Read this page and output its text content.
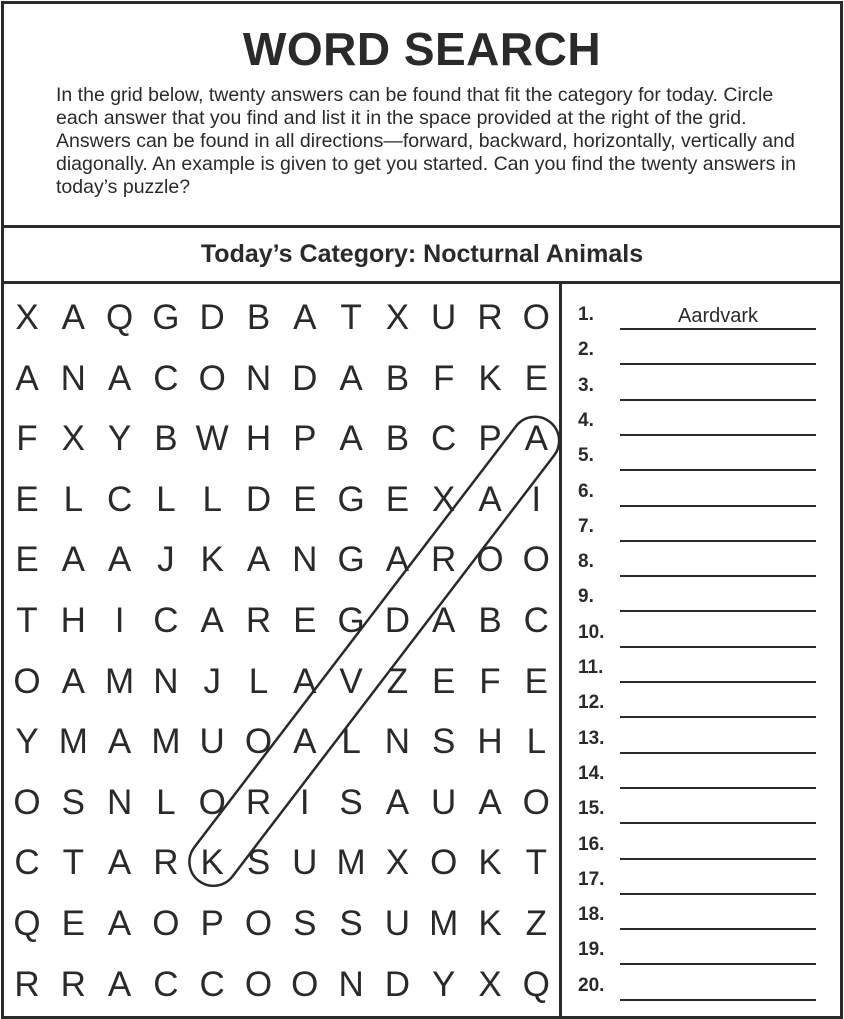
WORD SEARCH
In the grid below, twenty answers can be found that fit the category for today. Circle each answer that you find and list it in the space provided at the right of the grid. Answers can be found in all directions—forward, backward, horizontally, vertically and diagonally. An example is given to get you started. Can you find the twenty answers in today’s puzzle?
Today’s Category: Nocturnal Animals
X A Q G D B A T X U R O
A N A C O N D A B F K E
F X Y B W H P A B C P A
E L C L L D E G E X A I
E A A J K A N G A R O O
T H I C A R E G D A B C
O A M N J L A V Z E F E
Y M A M U O A L N S H L
O S N L O R I S A U A O
C T A R K S U M X O K T
Q E A O P O S S U M K Z
R R A C C O O N D Y X Q
1.	Aardvark
2.
3.
4.
5.
6.
7.
8.
9.
10.
11.
12.
13.
14.
15.
16.
17.
18.
19.
20.
